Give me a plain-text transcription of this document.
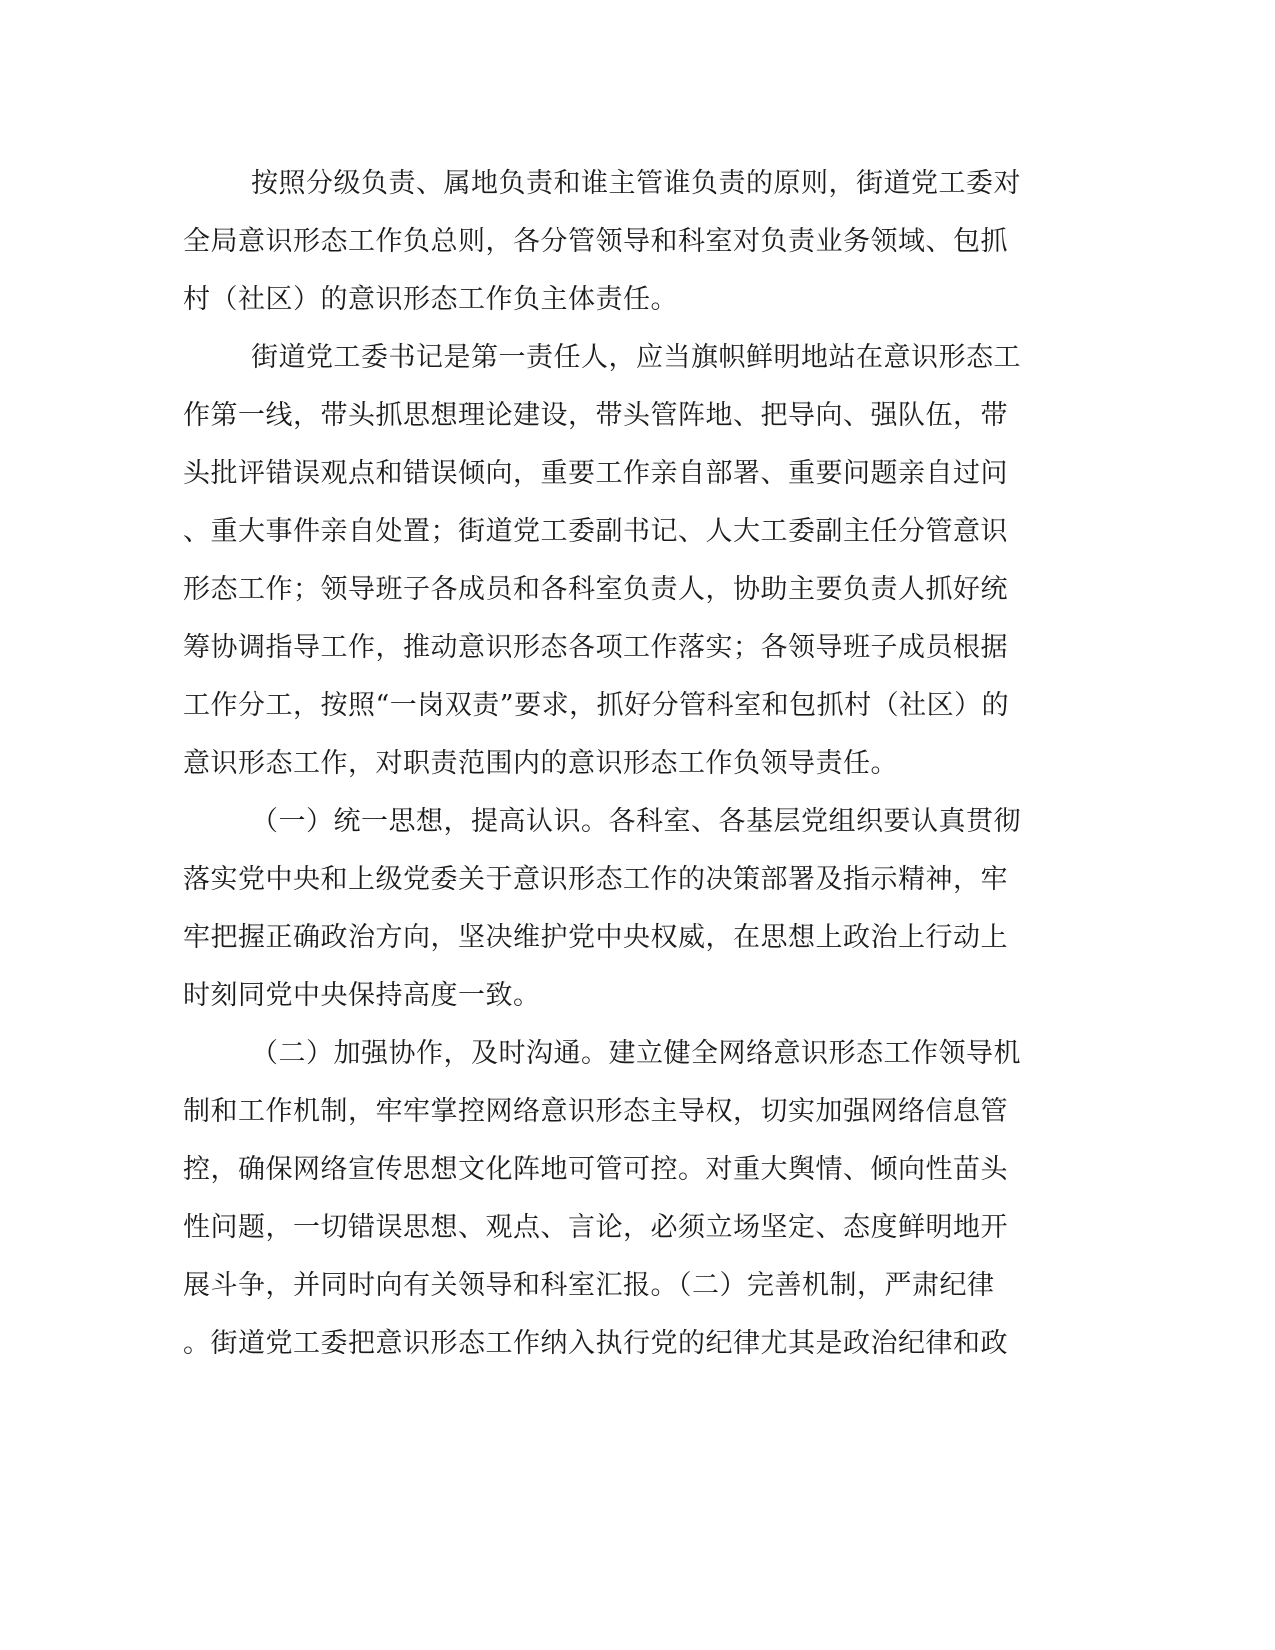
按照分级负责、属地负责和谁主管谁负责的原则，街道党工委对
全局意识形态工作负总则，各分管领导和科室对负责业务领域、包抓
村（社区）的意识形态工作负主体责任。
街道党工委书记是第一责任人，应当旗帜鲜明地站在意识形态工
作第一线，带头抓思想理论建设，带头管阵地、把导向、强队伍，带
头批评错误观点和错误倾向，重要工作亲自部署、重要问题亲自过问
、重大事件亲自处置；街道党工委副书记、人大工委副主任分管意识
形态工作；领导班子各成员和各科室负责人，协助主要负责人抓好统
筹协调指导工作，推动意识形态各项工作落实；各领导班子成员根据
工作分工，按照“一岗双责”要求，抓好分管科室和包抓村（社区）的
意识形态工作，对职责范围内的意识形态工作负领导责任。
（一）统一思想，提高认识。各科室、各基层党组织要认真贯彻
落实党中央和上级党委关于意识形态工作的决策部署及指示精神，牢
牢把握正确政治方向，坚决维护党中央权威，在思想上政治上行动上
时刻同党中央保持高度一致。
（二）加强协作，及时沟通。建立健全网络意识形态工作领导机
制和工作机制，牢牢掌控网络意识形态主导权，切实加强网络信息管
控，确保网络宣传思想文化阵地可管可控。对重大舆情、倾向性苗头
性问题，一切错误思想、观点、言论，必须立场坚定、态度鲜明地开
展斗争，并同时向有关领导和科室汇报。（二）完善机制，严肃纪律
。街道党工委把意识形态工作纳入执行党的纪律尤其是政治纪律和政
